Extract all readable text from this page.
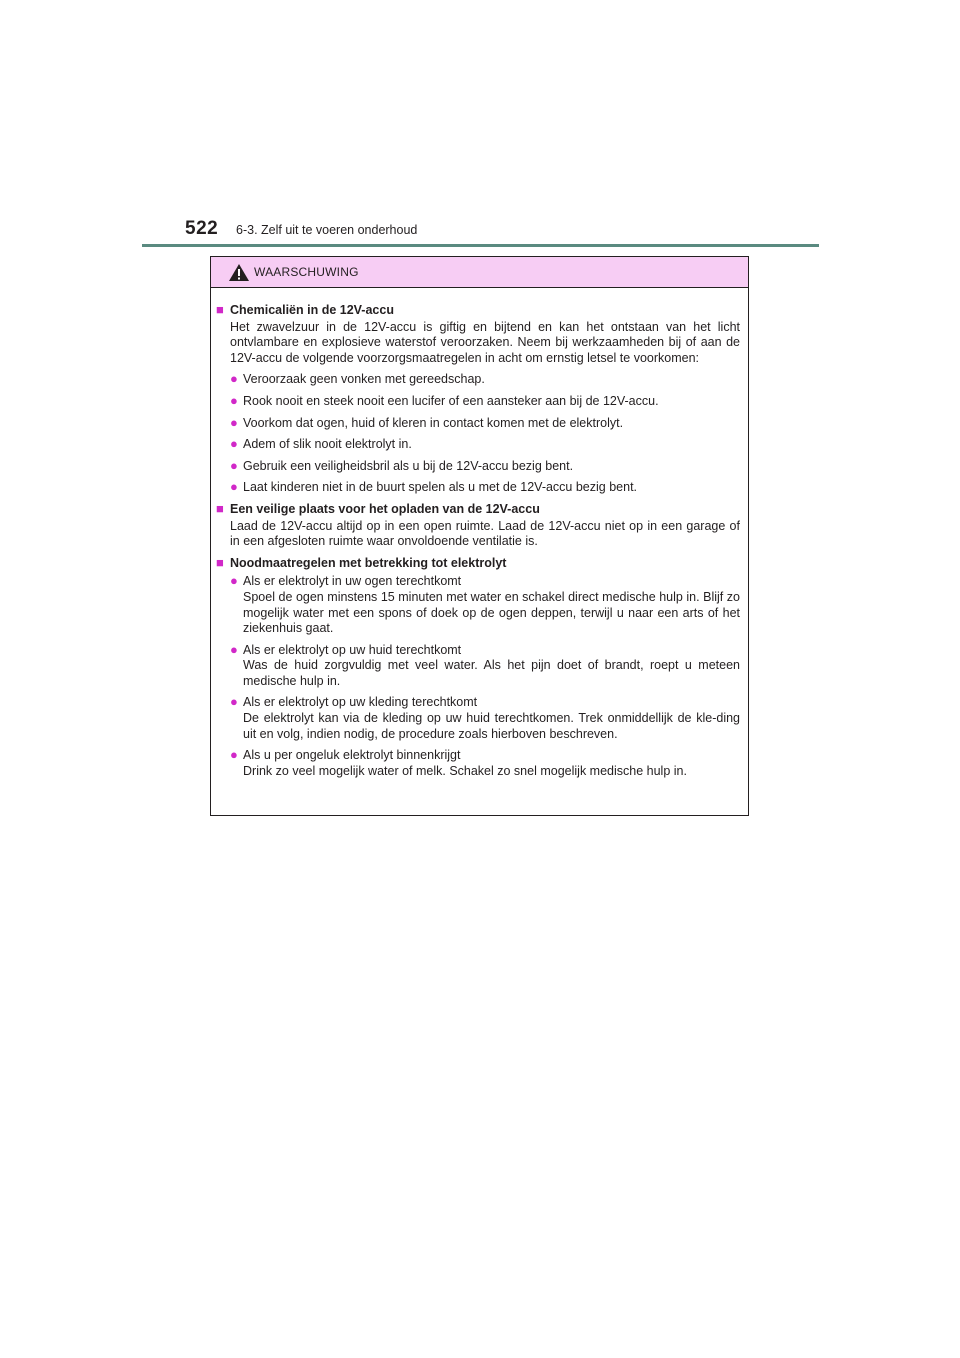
522 6-3. Zelf uit te voeren onderhoud
WAARSCHUWING
■ Chemicaliën in de 12V-accu
Het zwavelzuur in de 12V-accu is giftig en bijtend en kan het ontstaan van het licht ontvlambare en explosieve waterstof veroorzaken. Neem bij werkzaamheden bij of aan de 12V-accu de volgende voorzorgsmaatregelen in acht om ernstig letsel te voorkomen:
● Veroorzaak geen vonken met gereedschap.
● Rook nooit en steek nooit een lucifer of een aansteker aan bij de 12V-accu.
● Voorkom dat ogen, huid of kleren in contact komen met de elektrolyt.
● Adem of slik nooit elektrolyt in.
● Gebruik een veiligheidsbril als u bij de 12V-accu bezig bent.
● Laat kinderen niet in de buurt spelen als u met de 12V-accu bezig bent.
■ Een veilige plaats voor het opladen van de 12V-accu
Laad de 12V-accu altijd op in een open ruimte. Laad de 12V-accu niet op in een garage of in een afgesloten ruimte waar onvoldoende ventilatie is.
■ Noodmaatregelen met betrekking tot elektrolyt
● Als er elektrolyt in uw ogen terechtkomt
Spoel de ogen minstens 15 minuten met water en schakel direct medische hulp in. Blijf zo mogelijk water met een spons of doek op de ogen deppen, terwijl u naar een arts of het ziekenhuis gaat.
● Als er elektrolyt op uw huid terechtkomt
Was de huid zorgvuldig met veel water. Als het pijn doet of brandt, roept u meteen medische hulp in.
● Als er elektrolyt op uw kleding terechtkomt
De elektrolyt kan via de kleding op uw huid terechtkomen. Trek onmiddellijk de kle-ding uit en volg, indien nodig, de procedure zoals hierboven beschreven.
● Als u per ongeluk elektrolyt binnenkrijgt
Drink zo veel mogelijk water of melk. Schakel zo snel mogelijk medische hulp in.
